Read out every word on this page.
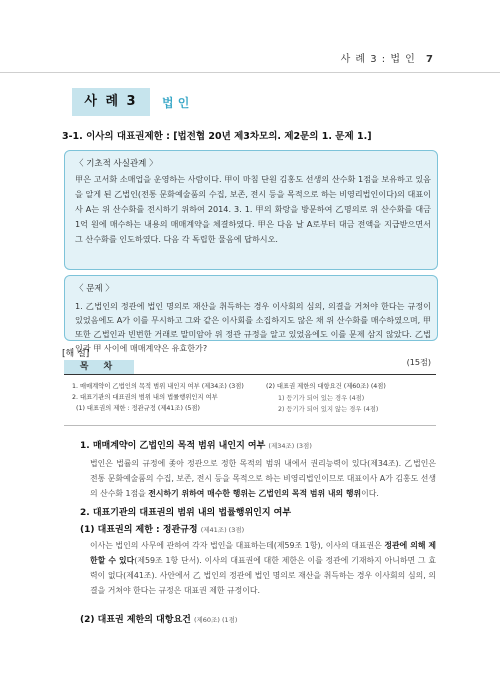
사 례 3 : 법 인 7
사 례 3	법 인
3-1. 이사의 대표권제한 : [법전협 20년 제3차모의. 제2문의 1. 문제 1.]
〈 기초적 사실관계 〉
甲은 고서화 소매업을 운영하는 사람이다. 甲이 마침 단원 김홍도 선생의 산수화 1점을 보유하고 있음을 알게 된 乙법인(전통 문화예술품의 수집, 보존, 전시 등을 목적으로 하는 비영리법인이다)의 대표이사 A는 위 산수화를 전시하기 위하여 2014. 3. 1. 甲의 화랑을 방문하여 乙명의로 위 산수화를 대금 1억 원에 매수하는 내용의 매매계약을 체결하였다. 甲은 다음 날 A로부터 대금 전액을 지급받으면서 그 산수화를 인도하였다. 다음 각 독립한 물음에 답하시오.
〈 문제 〉
1. 乙법인의 정관에 법인 명의로 재산을 취득하는 경우 이사회의 심의, 의결을 거쳐야 한다는 규정이 있었음에도 A가 이를 무시하고 그와 같은 이사회를 소집하지도 않은 채 위 산수화를 매수하였으며, 甲 또한 乙법인과 빈번한 거래로 말미암아 위 정관 규정을 알고 있었음에도 이를 문제 삼지 않았다. 乙법인과 甲 사이에 매매계약은 유효한가?
(15점)
[해 설]
목 차
1. 매매계약이 乙법인의 목적 범위 내인지 여부 (제34조) (3점)
2. 대표기관의 대표권의 범위 내의 법률행위인지 여부
(1) 대표권의 제한 : 정관규정 (제41조) (5점)
(2) 대표권 제한의 대항요건 (제60조) (4점)
1) 등기가 되어 있는 경우 (4점)
2) 등기가 되어 있지 않는 경우 (4점)
1. 매매계약이 乙법인의 목적 범위 내인지 여부 (제34조) (3점)
법인은 법률의 규정에 좇아 정관으로 정한 목적의 범위 내에서 권리능력이 있다(제34조). 乙법인은 전통 문화예술품의 수집, 보존, 전시 등을 목적으로 하는 비영리법인이므로 대표이사 A가 김홍도 선생의 산수화 1점을 전시하기 위하여 매수한 행위는 乙법인의 목적 범위 내의 행위이다.
2. 대표기관의 대표권의 범위 내의 법률행위인지 여부
(1) 대표권의 제한 : 정관규정 (제41조) (3점)
이사는 법인의 사무에 관하여 각자 법인을 대표하는데(제59조 1항), 이사의 대표권은 정관에 의해 제한할 수 있다(제59조 1항 단서). 이사의 대표권에 대한 제한은 이를 정관에 기재하지 아니하면 그 효력이 없다(제41조). 사안에서 乙 법인의 정관에 법인 명의로 재산을 취득하는 경우 이사회의 심의, 의결을 거쳐야 한다는 규정은 대표권 제한 규정이다.
(2) 대표권 제한의 대항요건 (제60조) (1점)
